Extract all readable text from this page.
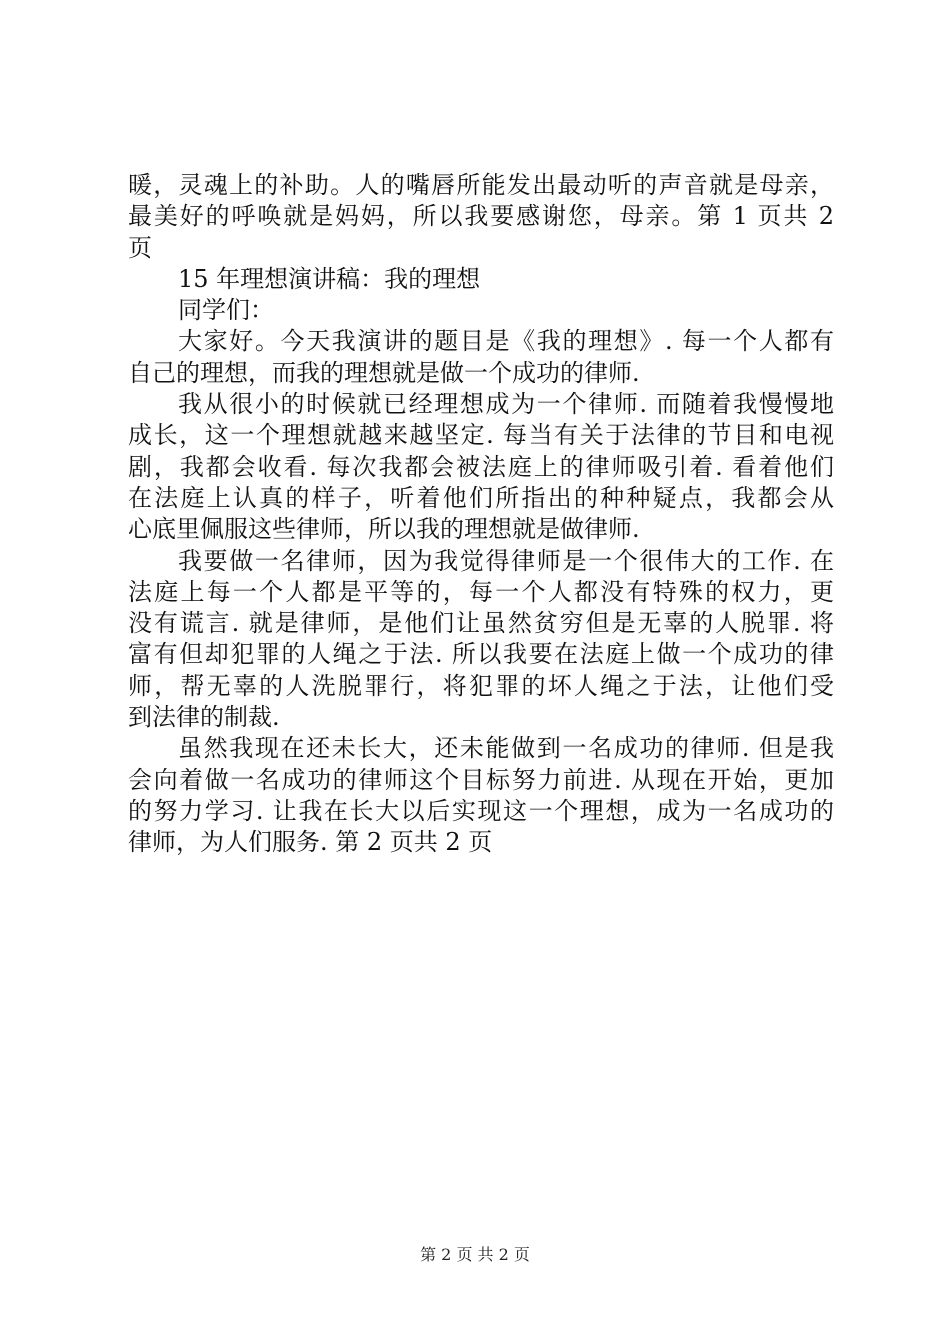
暖，灵魂上的补助。人的嘴唇所能发出最动听的声音就是母亲，
最美好的呼唤就是妈妈，所以我要感谢您，母亲。第 1 页共 2
页
15 年理想演讲稿：我的理想
同学们：
大家好。今天我演讲的题目是《我的理想》. 每一个人都有
自己的理想，而我的理想就是做一个成功的律师.
我从很小的时候就已经理想成为一个律师. 而随着我慢慢地
成长，这一个理想就越来越坚定. 每当有关于法律的节目和电视
剧，我都会收看. 每次我都会被法庭上的律师吸引着. 看着他们
在法庭上认真的样子，听着他们所指出的种种疑点，我都会从
心底里佩服这些律师，所以我的理想就是做律师.
我要做一名律师，因为我觉得律师是一个很伟大的工作. 在
法庭上每一个人都是平等的，每一个人都没有特殊的权力，更
没有谎言. 就是律师，是他们让虽然贫穷但是无辜的人脱罪. 将
富有但却犯罪的人绳之于法. 所以我要在法庭上做一个成功的律
师，帮无辜的人洗脱罪行，将犯罪的坏人绳之于法，让他们受
到法律的制裁.
虽然我现在还未长大，还未能做到一名成功的律师. 但是我
会向着做一名成功的律师这个目标努力前进. 从现在开始，更加
的努力学习. 让我在长大以后实现这一个理想，成为一名成功的
律师，为人们服务. 第 2 页共 2 页
第 2 页 共 2 页
